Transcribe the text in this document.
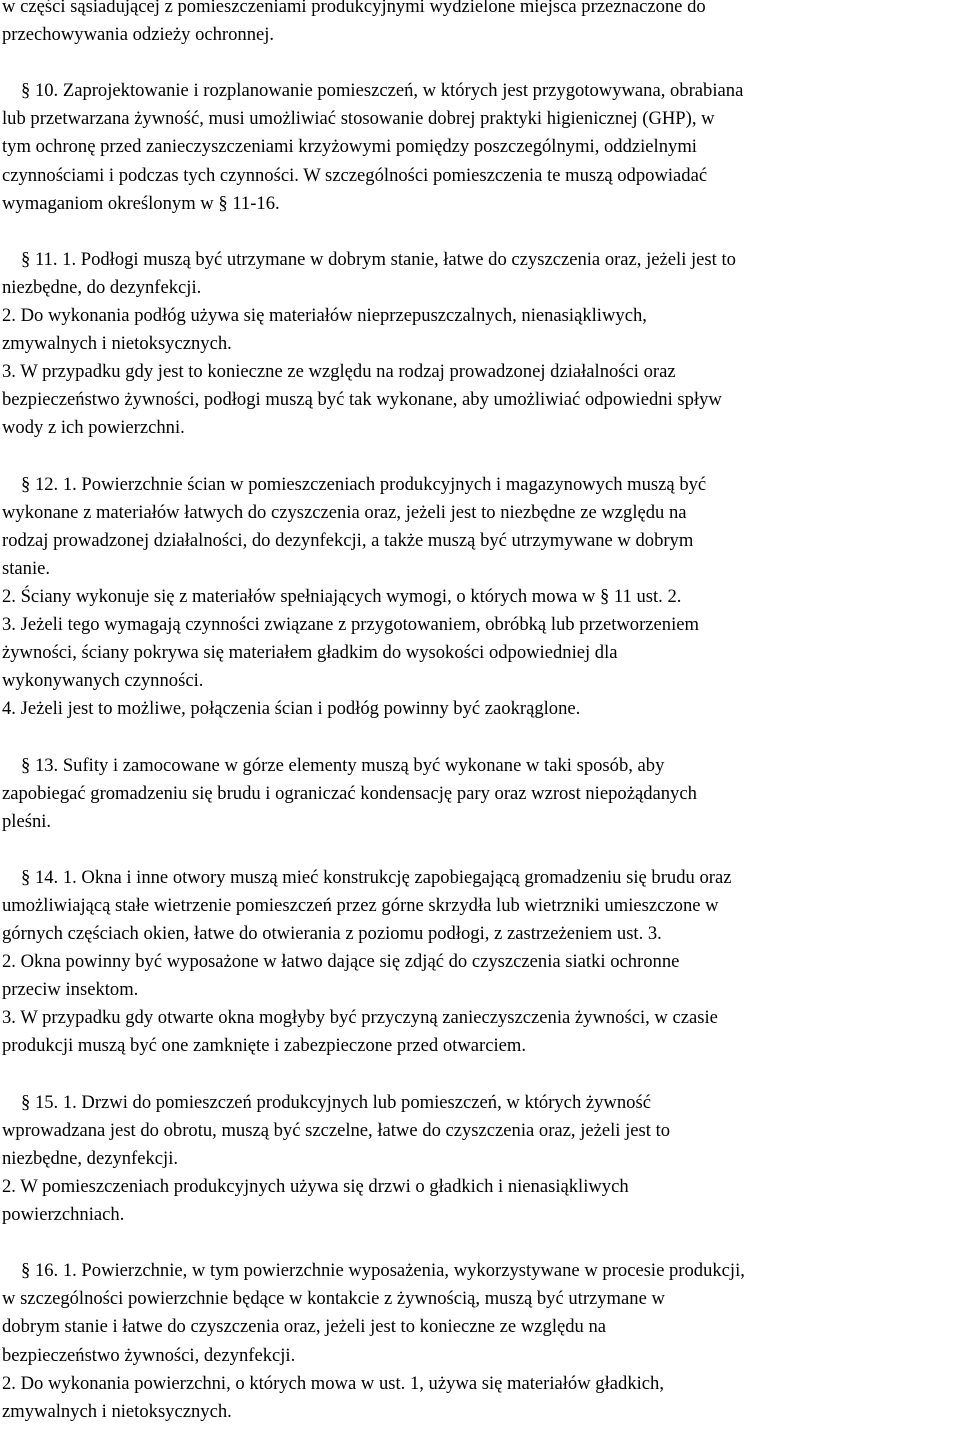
w części sąsiadującej z pomieszczeniami produkcyjnymi wydzielone miejsca przeznaczone do
przechowywania odzieży ochronnej.
§ 10. Zaprojektowanie i rozplanowanie pomieszczeń, w których jest przygotowywana, obrabiana
lub przetwarzana żywność, musi umożliwiać stosowanie dobrej praktyki higienicznej (GHP), w
tym ochronę przed zanieczyszczeniami krzyżowymi pomiędzy poszczególnymi, oddzielnymi
czynnościami i podczas tych czynności. W szczególności pomieszczenia te muszą odpowiadać
wymaganiom określonym w § 11-16.
§ 11. 1. Podłogi muszą być utrzymane w dobrym stanie, łatwe do czyszczenia oraz, jeżeli jest to
niezbędne, do dezynfekcji.
2. Do wykonania podłóg używa się materiałów nieprzepuszczalnych, nienasiąkliwych,
zmywalnych i nietoksycznych.
3. W przypadku gdy jest to konieczne ze względu na rodzaj prowadzonej działalności oraz
bezpieczeństwo żywności, podłogi muszą być tak wykonane, aby umożliwiać odpowiedni spływ
wody z ich powierzchni.
§ 12. 1. Powierzchnie ścian w pomieszczeniach produkcyjnych i magazynowych muszą być
wykonane z materiałów łatwych do czyszczenia oraz, jeżeli jest to niezbędne ze względu na
rodzaj prowadzonej działalności, do dezynfekcji, a także muszą być utrzymywane w dobrym
stanie.
2. Ściany wykonuje się z materiałów spełniających wymogi, o których mowa w § 11 ust. 2.
3. Jeżeli tego wymagają czynności związane z przygotowaniem, obróbką lub przetworzeniem
żywności, ściany pokrywa się materiałem gładkim do wysokości odpowiedniej dla
wykonywanych czynności.
4. Jeżeli jest to możliwe, połączenia ścian i podłóg powinny być zaokrąglone.
§ 13. Sufity i zamocowane w górze elementy muszą być wykonane w taki sposób, aby
zapobiegać gromadzeniu się brudu i ograniczać kondensację pary oraz wzrost niepożądanych
pleśni.
§ 14. 1. Okna i inne otwory muszą mieć konstrukcję zapobiegającą gromadzeniu się brudu oraz
umożliwiającą stałe wietrzenie pomieszczeń przez górne skrzydła lub wietrzniki umieszczone w
górnych częściach okien, łatwe do otwierania z poziomu podłogi, z zastrzeżeniem ust. 3.
2. Okna powinny być wyposażone w łatwo dające się zdjąć do czyszczenia siatki ochronne
przeciw insektom.
3. W przypadku gdy otwarte okna mogłyby być przyczyną zanieczyszczenia żywności, w czasie
produkcji muszą być one zamknięte i zabezpieczone przed otwarciem.
§ 15. 1. Drzwi do pomieszczeń produkcyjnych lub pomieszczeń, w których żywność
wprowadzana jest do obrotu, muszą być szczelne, łatwe do czyszczenia oraz, jeżeli jest to
niezbędne, dezynfekcji.
2. W pomieszczeniach produkcyjnych używa się drzwi o gładkich i nienasiąkliwych
powierzchniach.
§ 16. 1. Powierzchnie, w tym powierzchnie wyposażenia, wykorzystywane w procesie produkcji,
w szczególności powierzchnie będące w kontakcie z żywnością, muszą być utrzymane w
dobrym stanie i łatwe do czyszczenia oraz, jeżeli jest to konieczne ze względu na
bezpieczeństwo żywności, dezynfekcji.
2. Do wykonania powierzchni, o których mowa w ust. 1, używa się materiałów gładkich,
zmywalnych i nietoksycznych.
